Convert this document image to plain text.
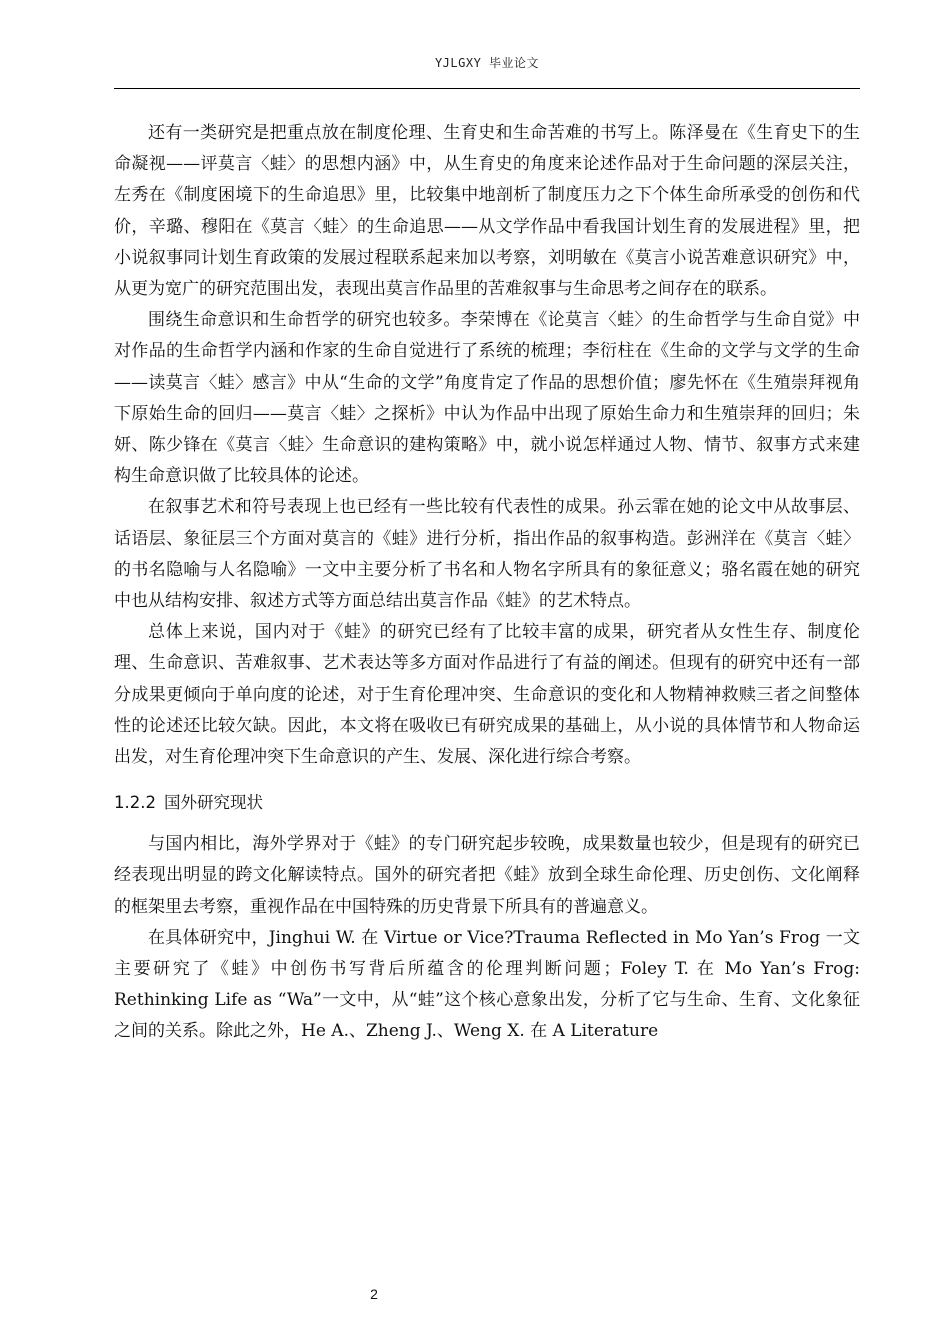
YJLGXY 毕业论文

还有一类研究是把重点放在制度伦理、生育史和生命苦难的书写上。陈泽曼在《生育史下的生命凝视——评莫言〈蛙〉的思想内涵》中，从生育史的角度来论述作品对于生命问题的深层关注，左秀在《制度困境下的生命追思》里，比较集中地剖析了制度压力之下个体生命所承受的创伤和代价，辛璐、穆阳在《莫言〈蛙〉的生命追思——从文学作品中看我国计划生育的发展进程》里，把小说叙事同计划生育政策的发展过程联系起来加以考察，刘明敏在《莫言小说苦难意识研究》中，从更为宽广的研究范围出发，表现出莫言作品里的苦难叙事与生命思考之间存在的联系。

围绕生命意识和生命哲学的研究也较多。李荣博在《论莫言〈蛙〉的生命哲学与生命自觉》中对作品的生命哲学内涵和作家的生命自觉进行了系统的梳理；李衍柱在《生命的文学与文学的生命——读莫言〈蛙〉感言》中从“生命的文学”角度肯定了作品的思想价值；廖先怀在《生殖崇拜视角下原始生命的回归——莫言〈蛙〉之探析》中认为作品中出现了原始生命力和生殖崇拜的回归；朱妍、陈少锋在《莫言〈蛙〉生命意识的建构策略》中，就小说怎样通过人物、情节、叙事方式来建构生命意识做了比较具体的论述。

在叙事艺术和符号表现上也已经有一些比较有代表性的成果。孙云霏在她的论文中从故事层、话语层、象征层三个方面对莫言的《蛙》进行分析，指出作品的叙事构造。彭洲洋在《莫言〈蛙〉的书名隐喻与人名隐喻》一文中主要分析了书名和人物名字所具有的象征意义；骆名霞在她的研究中也从结构安排、叙述方式等方面总结出莫言作品《蛙》的艺术特点。

总体上来说，国内对于《蛙》的研究已经有了比较丰富的成果，研究者从女性生存、制度伦理、生命意识、苦难叙事、艺术表达等多方面对作品进行了有益的阐述。但现有的研究中还有一部分成果更倾向于单向度的论述，对于生育伦理冲突、生命意识的变化和人物精神救赎三者之间整体性的论述还比较欠缺。因此，本文将在吸收已有研究成果的基础上，从小说的具体情节和人物命运出发，对生育伦理冲突下生命意识的产生、发展、深化进行综合考察。

1.2.2 国外研究现状

与国内相比，海外学界对于《蛙》的专门研究起步较晚，成果数量也较少，但是现有的研究已经表现出明显的跨文化解读特点。国外的研究者把《蛙》放到全球生命伦理、历史创伤、文化阐释的框架里去考察，重视作品在中国特殊的历史背景下所具有的普遍意义。

在具体研究中，Jinghui W. 在 Virtue or Vice?Trauma Reflected in Mo Yan’s Frog 一文主要研究了《蛙》中创伤书写背后所蕴含的伦理判断问题；Foley T. 在 Mo Yan’s Frog: Rethinking Life as “Wa”一文中，从“蛙”这个核心意象出发，分析了它与生命、生育、文化象征之间的关系。除此之外，He A.、Zheng J.、Weng X. 在 A Literature

2
